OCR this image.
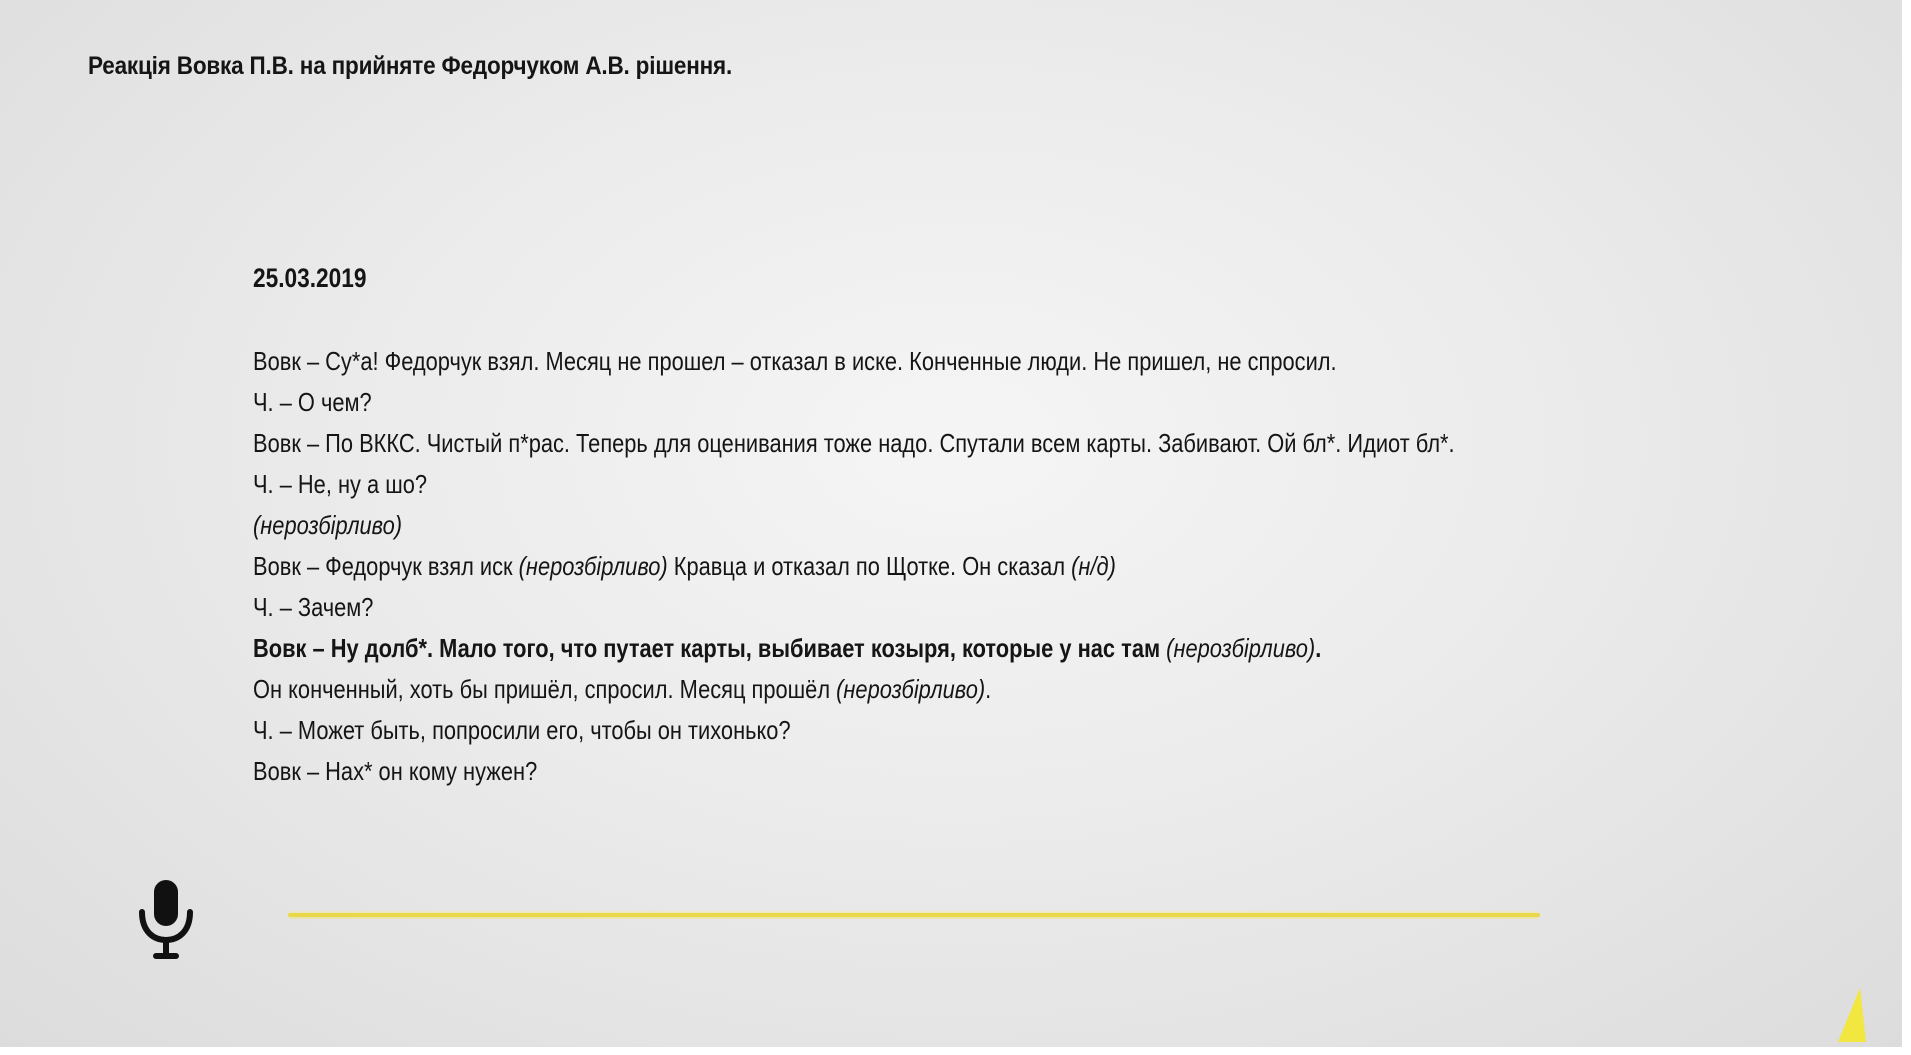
Реакція Вовка П.В. на прийняте Федорчуком А.В. рішення.
25.03.2019
Вовк – Су*а! Федорчук взял. Месяц не прошел – отказал в иске. Конченные люди. Не пришел, не спросил.
Ч. – О чем?
Вовк – По ВККС. Чистый п*рас. Теперь для оценивания тоже надо. Спутали всем карты. Забивают. Ой бл*. Идиот бл*.
Ч. – Не, ну а шо?
(нерозбірливо)
Вовк – Федорчук взял иск (нерозбірливо) Кравца и отказал по Щотке. Он сказал (н/д)
Ч. – Зачем?
Вовк – Ну долб*. Мало того, что путает карты, выбивает козыря, которые у нас там (нерозбірливо).
Он конченный, хоть бы пришёл, спросил. Месяц прошёл (нерозбірливо).
Ч. – Может быть, попросили его, чтобы он тихонько?
Вовк – Нах* он кому нужен?
